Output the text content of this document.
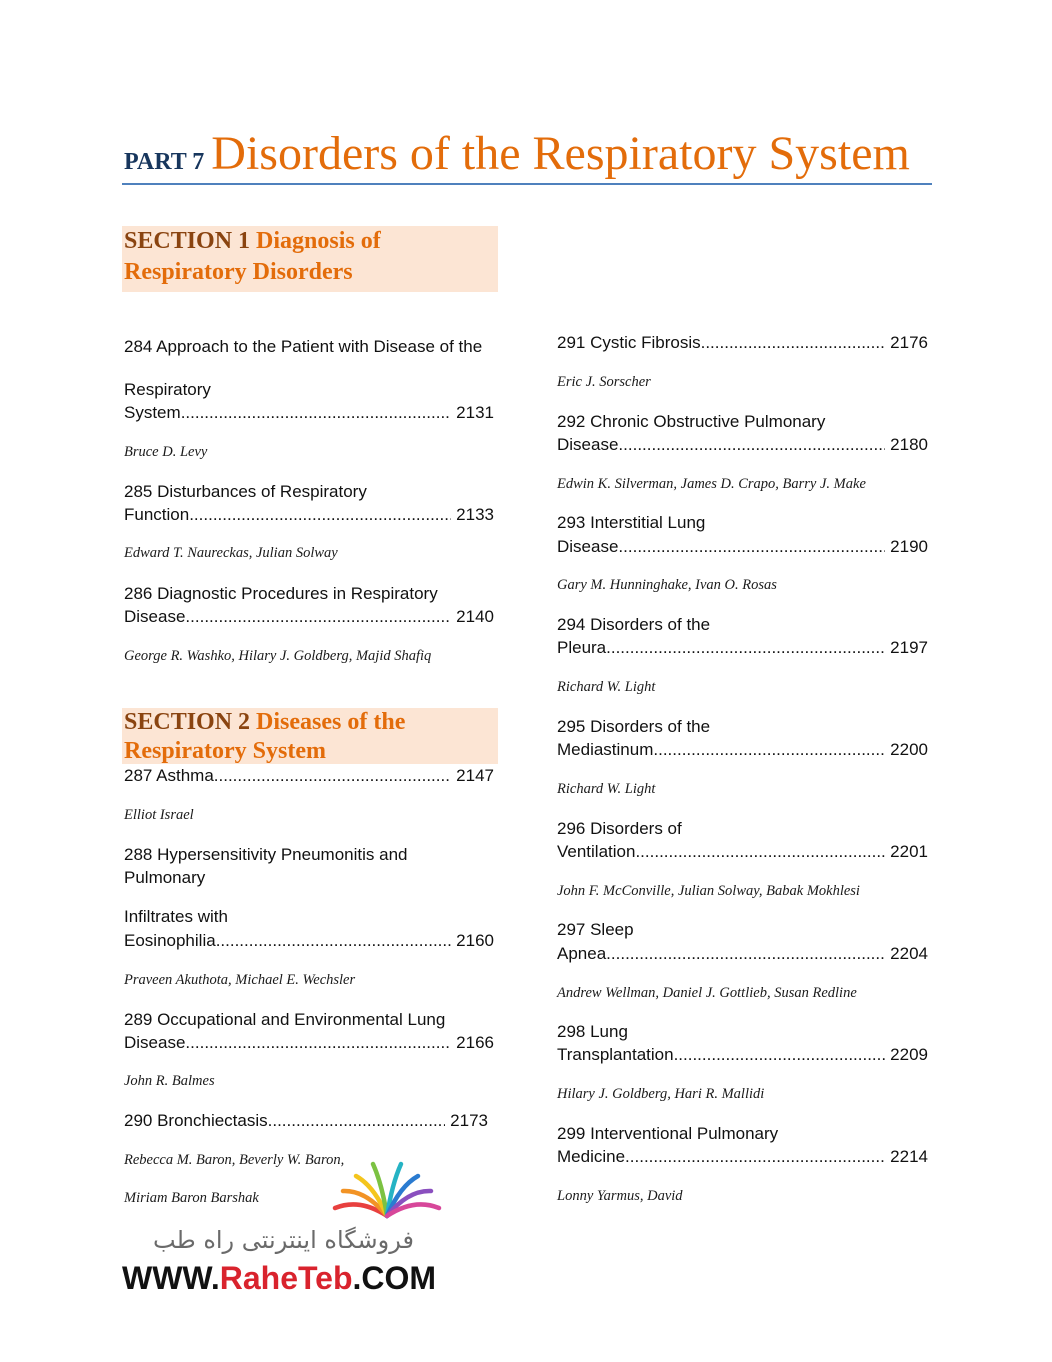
PART 7 Disorders of the Respiratory System
SECTION 1 Diagnosis of Respiratory Disorders
SECTION 2 Diseases of the Respiratory System
284 Approach to the Patient with Disease of the
Respiratory
System .....	2131
Bruce D. Levy
285 Disturbances of Respiratory
Function .....	2133
Edward T. Naureckas, Julian Solway
286 Diagnostic Procedures in Respiratory
Disease .....	2140
George R. Washko, Hilary J. Goldberg, Majid Shafiq
287 Asthma .....	2147
Elliot Israel
288 Hypersensitivity Pneumonitis and
Pulmonary
Infiltrates with
Eosinophilia .....	2160
Praveen Akuthota, Michael E. Wechsler
289 Occupational and Environmental Lung
Disease .....	2166
John R. Balmes
290 Bronchiectasis .....	2173
Rebecca M. Baron, Beverly W. Baron,
Miriam Baron Barshak
291 Cystic Fibrosis .....	2176
Eric J. Sorscher
292 Chronic Obstructive Pulmonary
Disease .....	2180
Edwin K. Silverman, James D. Crapo, Barry J. Make
293 Interstitial Lung
Disease .....	2190
Gary M. Hunninghake, Ivan O. Rosas
294 Disorders of the
Pleura .....	2197
Richard W. Light
295 Disorders of the
Mediastinum .....	2200
Richard W. Light
296 Disorders of
Ventilation .....	2201
John F. McConville, Julian Solway, Babak Mokhlesi
297 Sleep
Apnea .....	2204
Andrew Wellman, Daniel J. Gottlieb, Susan Redline
298 Lung
Transplantation .....	2209
Hilary J. Goldberg, Hari R. Mallidi
299 Interventional Pulmonary
Medicine .....	2214
Lonny Yarmus, David
فروشگاه اینترنتی راه طب
WWW.RaheTeb.COM
